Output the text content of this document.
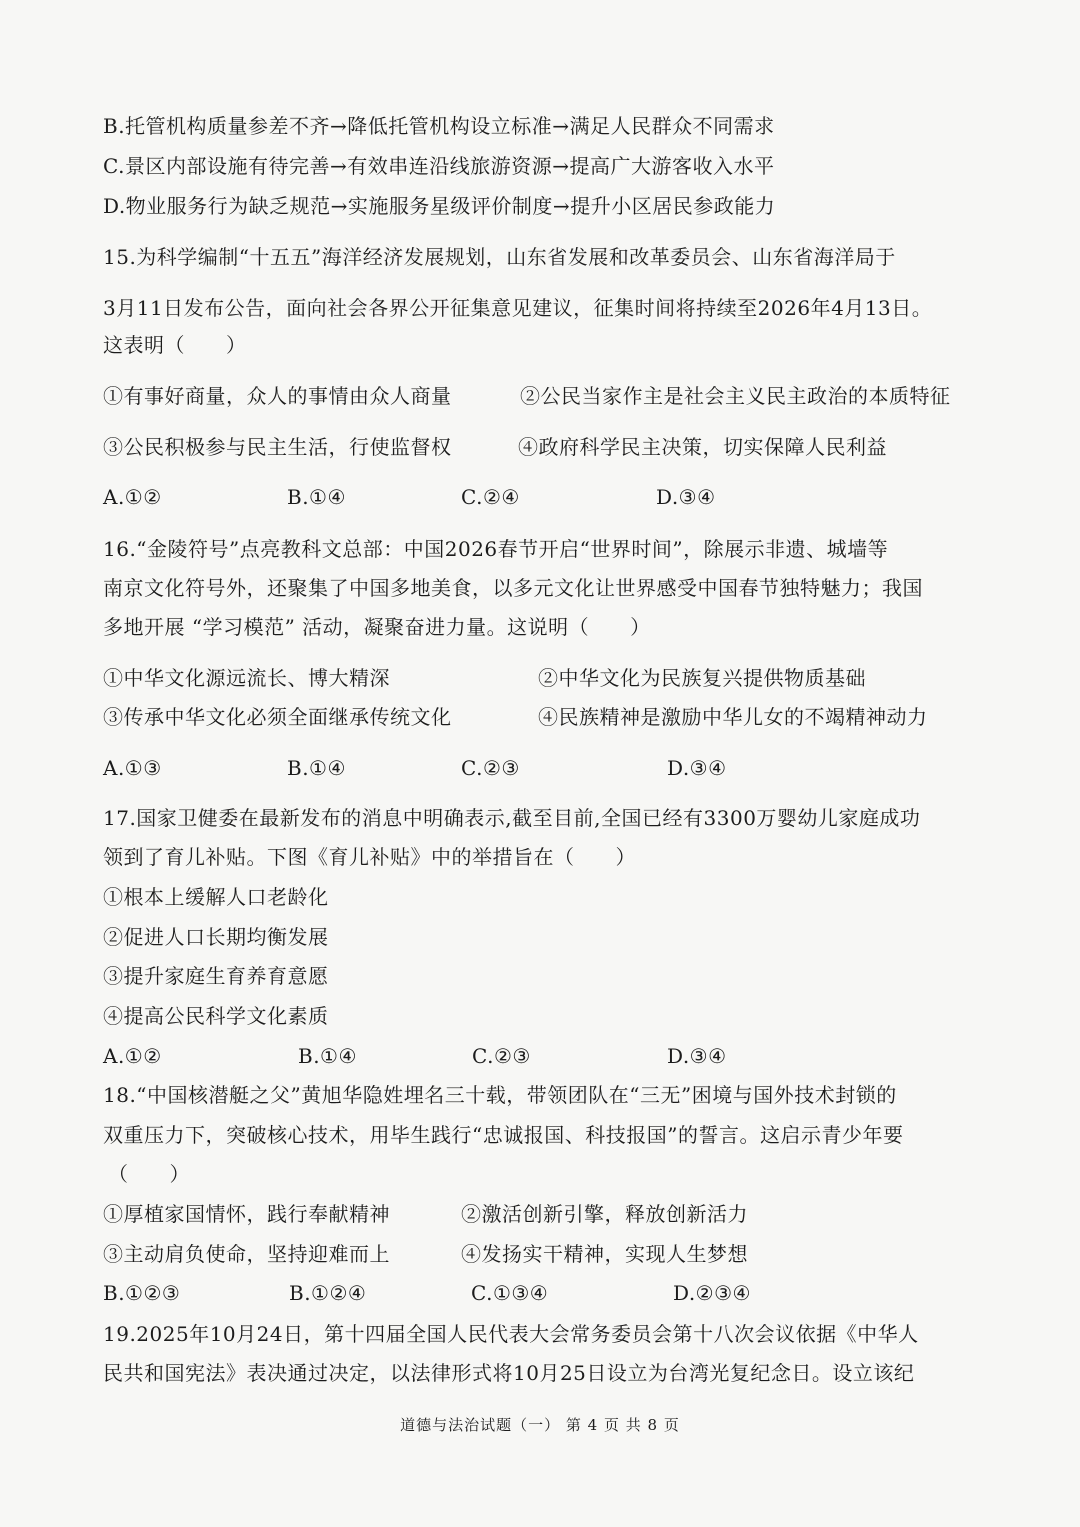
B.托管机构质量参差不齐→降低托管机构设立标准→满足人民群众不同需求
C.景区内部设施有待完善→有效串连沿线旅游资源→提高广大游客收入水平
D.物业服务行为缺乏规范→实施服务星级评价制度→提升小区居民参政能力
15.为科学编制“十五五”海洋经济发展规划，山东省发展和改革委员会、山东省海洋局于
3月11日发布公告，面向社会各界公开征集意见建议，征集时间将持续至2026年4月13日。
这表明（　　）
①有事好商量，众人的事情由众人商量	②公民当家作主是社会主义民主政治的本质特征
③公民积极参与民主生活，行使监督权	④政府科学民主决策，切实保障人民利益
A.①②	B.①④	C.②④	D.③④
16.“金陵符号”点亮教科文总部：中国2026春节开启“世界时间”，除展示非遗、城墙等
南京文化符号外，还聚集了中国多地美食，以多元文化让世界感受中国春节独特魅力；我国
多地开展 “学习模范” 活动，凝聚奋进力量。这说明（　　）
①中华文化源远流长、博大精深	②中华文化为民族复兴提供物质基础
③传承中华文化必须全面继承传统文化	④民族精神是激励中华儿女的不竭精神动力
A.①③	B.①④	C.②③	D.③④
17.国家卫健委在最新发布的消息中明确表示,截至目前,全国已经有3300万婴幼儿家庭成功
领到了育儿补贴。下图《育儿补贴》中的举措旨在（　　）
①根本上缓解人口老龄化
②促进人口长期均衡发展
③提升家庭生育养育意愿
④提高公民科学文化素质
A.①②	B.①④	C.②③	D.③④
18.“中国核潜艇之父”黄旭华隐姓埋名三十载，带领团队在“三无”困境与国外技术封锁的
双重压力下，突破核心技术，用毕生践行“忠诚报国、科技报国”的誓言。这启示青少年要
（　　）
①厚植家国情怀，践行奉献精神	②激活创新引擎，释放创新活力
③主动肩负使命，坚持迎难而上	④发扬实干精神，实现人生梦想
B.①②③	B.①②④	C.①③④	D.②③④
19.2025年10月24日，第十四届全国人民代表大会常务委员会第十八次会议依据《中华人
民共和国宪法》表决通过决定，以法律形式将10月25日设立为台湾光复纪念日。设立该纪
道德与法治试题（一） 第 4 页 共 8 页
